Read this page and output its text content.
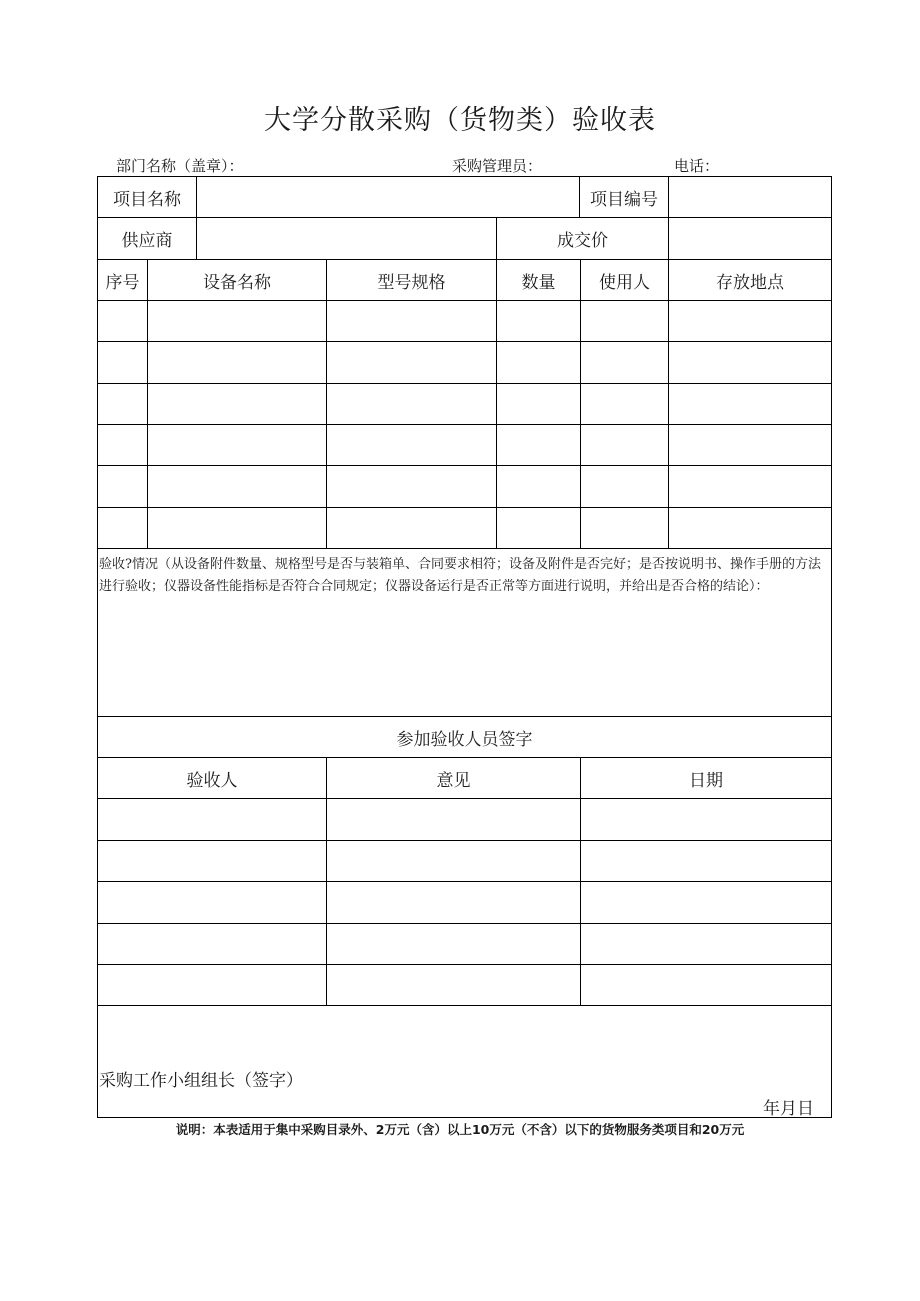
大学分散采购（货物类）验收表
部门名称（盖章）：	采购管理员：	电话：
项目名称	项目编号
供应商	成交价
序号	设备名称	型号规格	数量	使用人	存放地点
验收?情况（从设备附件数量、规格型号是否与装箱单、合同要求相符；设备及附件是否完好；是否按说明书、操作手册的方法进行验收；仪器设备性能指标是否符合合同规定；仪器设备运行是否正常等方面进行说明，并给出是否合格的结论）：
参加验收人员签字
验收人	意见	日期
采购工作小组组长（签字）
年月日
说明：本表适用于集中采购目录外、2万元（含）以上10万元（不含）以下的货物服务类项目和20万元
